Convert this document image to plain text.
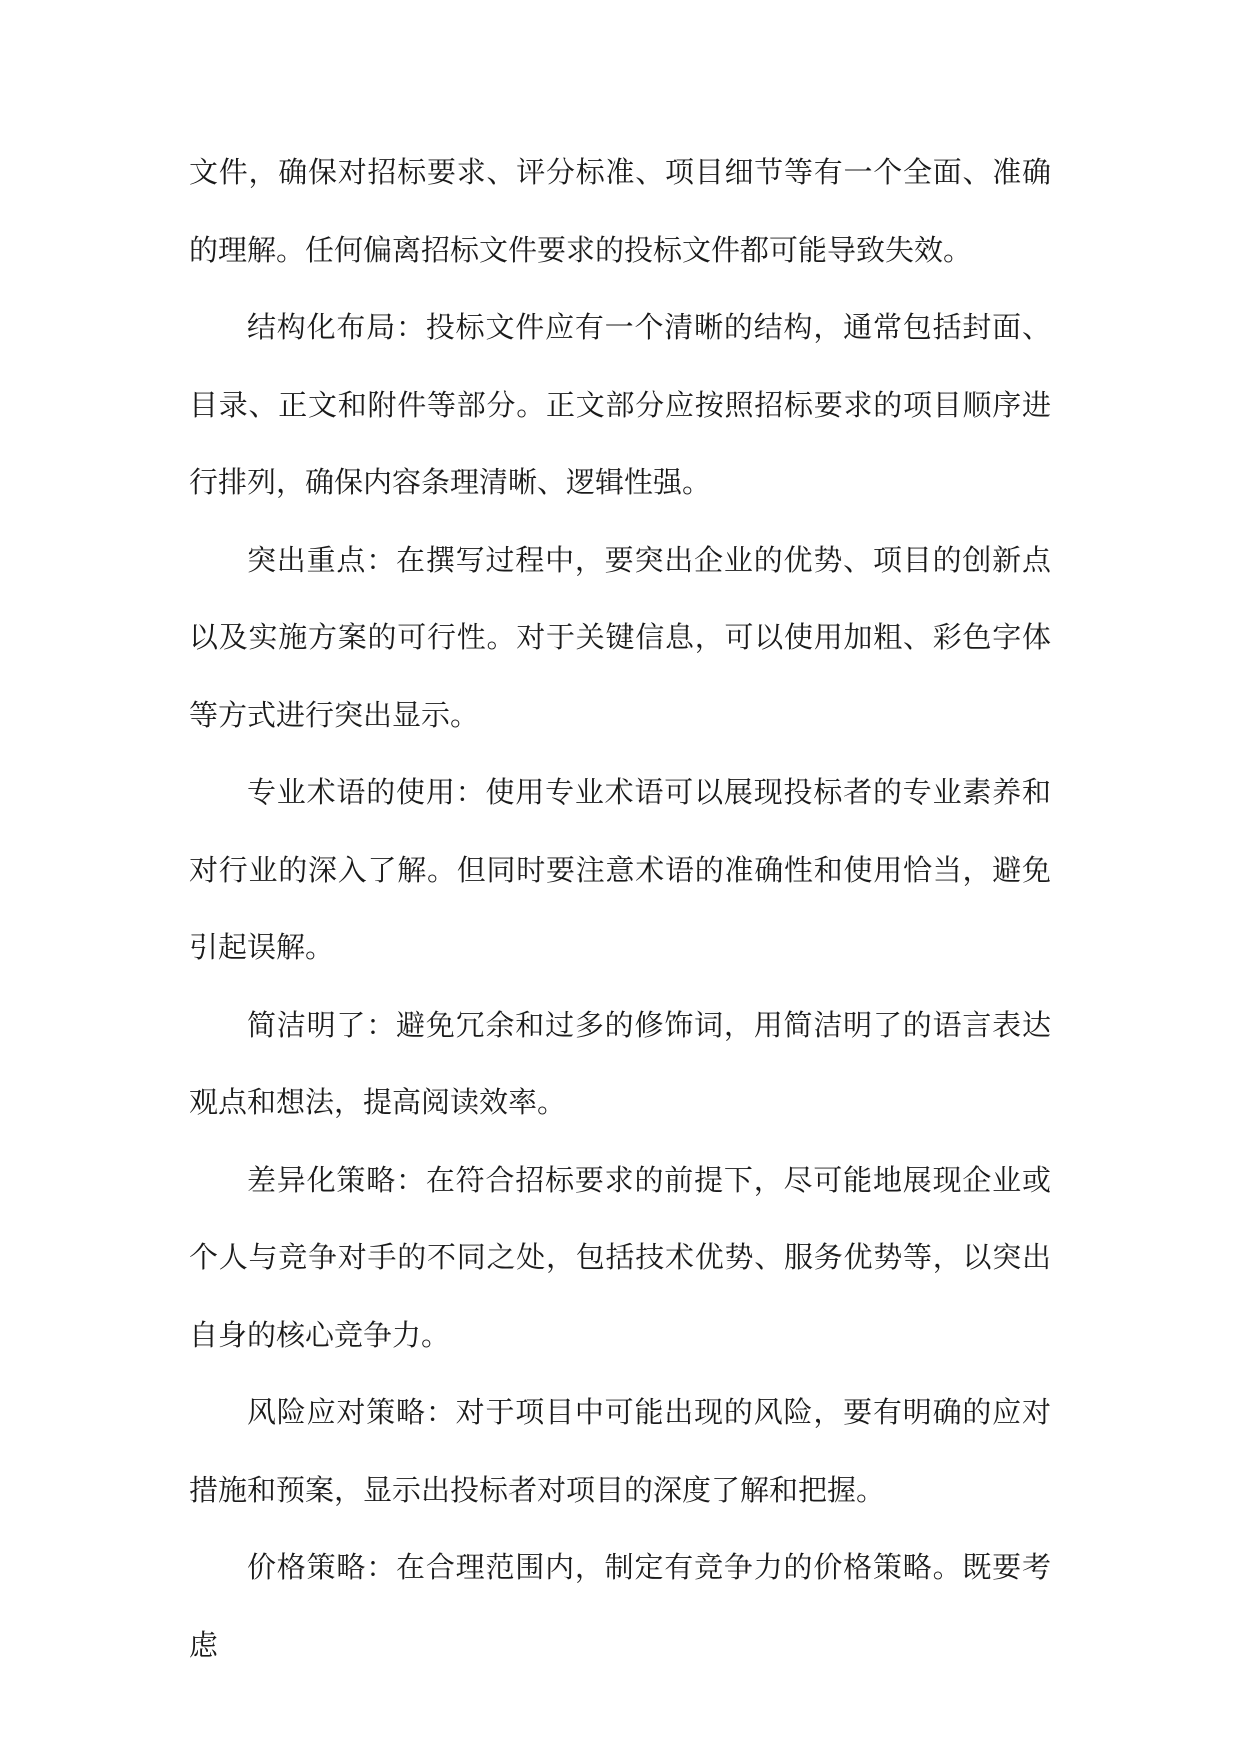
文件，确保对招标要求、评分标准、项目细节等有一个全面、准确的理解。任何偏离招标文件要求的投标文件都可能导致失效。

结构化布局：投标文件应有一个清晰的结构，通常包括封面、目录、正文和附件等部分。正文部分应按照招标要求的项目顺序进行排列，确保内容条理清晰、逻辑性强。

突出重点：在撰写过程中，要突出企业的优势、项目的创新点以及实施方案的可行性。对于关键信息，可以使用加粗、彩色字体等方式进行突出显示。

专业术语的使用：使用专业术语可以展现投标者的专业素养和对行业的深入了解。但同时要注意术语的准确性和使用恰当，避免引起误解。

简洁明了：避免冗余和过多的修饰词，用简洁明了的语言表达观点和想法，提高阅读效率。

差异化策略：在符合招标要求的前提下，尽可能地展现企业或个人与竞争对手的不同之处，包括技术优势、服务优势等，以突出自身的核心竞争力。

风险应对策略：对于项目中可能出现的风险，要有明确的应对措施和预案，显示出投标者对项目的深度了解和把握。

价格策略：在合理范围内，制定有竞争力的价格策略。既要考虑
